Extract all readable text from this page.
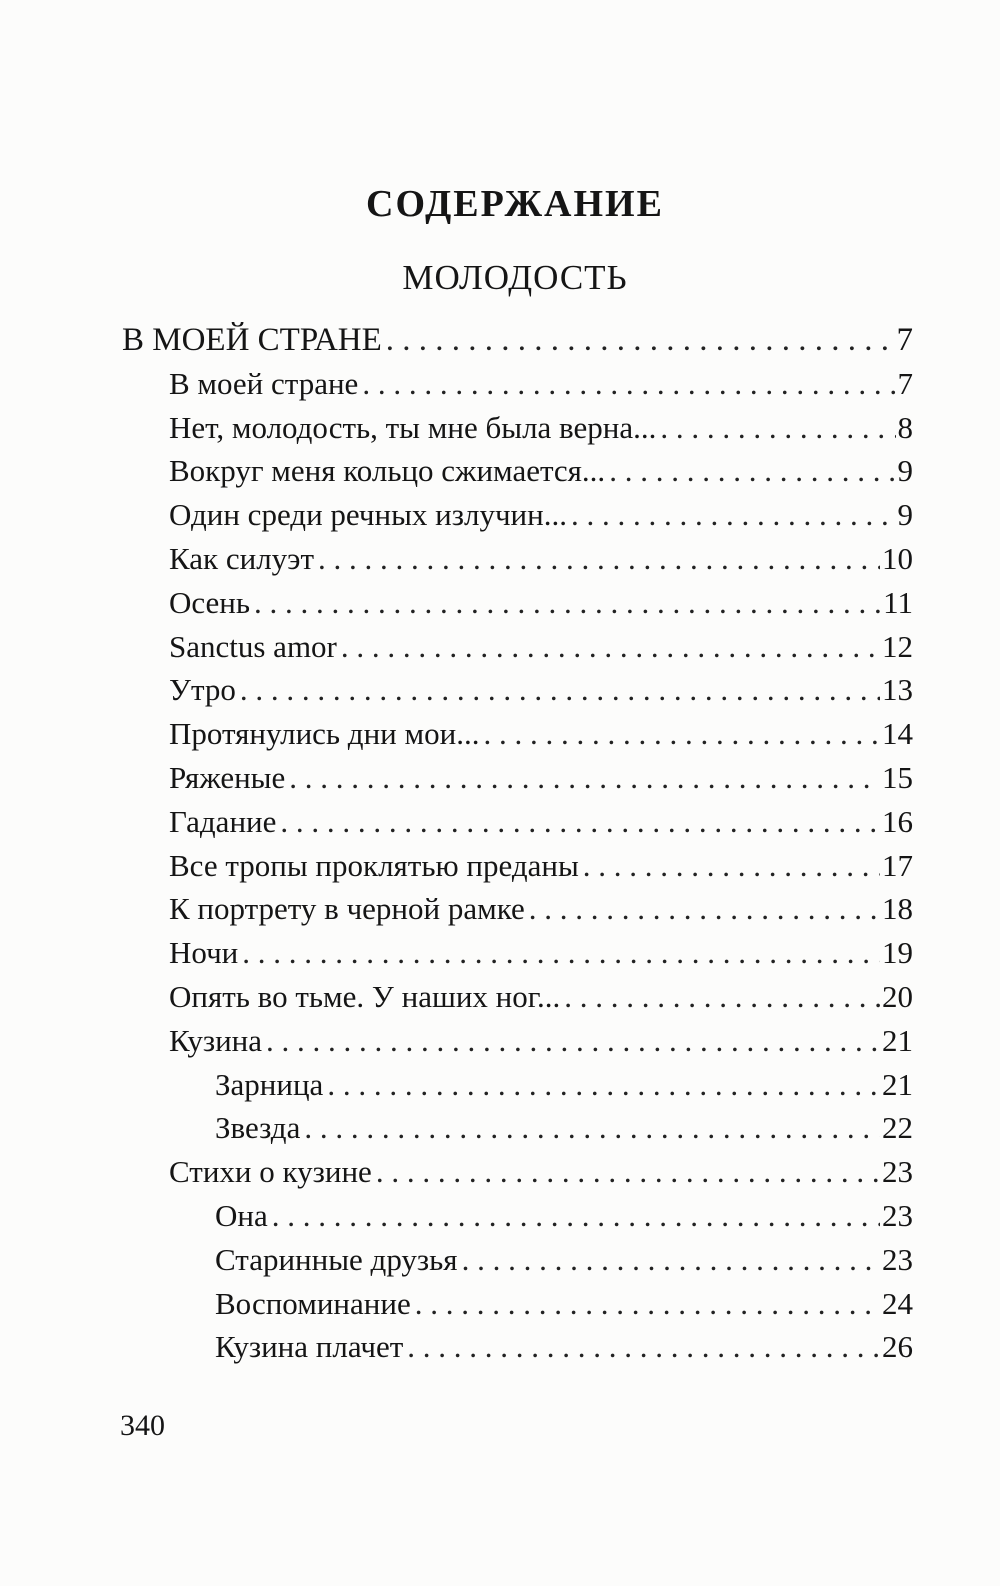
СОДЕРЖАНИЕ
МОЛОДОСТЬ
В МОЕЙ СТРАНЕ . . .	7
В моей стране . . .	7
Нет, молодость, ты мне была верна... . . .	8
Вокруг меня кольцо сжимается... . . .	9
Один среди речных излучин... . . .	9
Как силуэт . . .	10
Осень . . .	11
Sanctus amor . . .	12
Утро . . .	13
Протянулись дни мои... . . .	14
Ряженые . . .	15
Гадание . . .	16
Все тропы проклятью преданы . . .	17
К портрету в черной рамке . . .	18
Ночи . . .	19
Опять во тьме. У наших ног... . . .	20
Кузина . . .	21
Зарница . . .	21
Звезда . . .	22
Стихи о кузине . . .	23
Она . . .	23
Старинные друзья . . .	23
Воспоминание . . .	24
Кузина плачет . . .	26
340
